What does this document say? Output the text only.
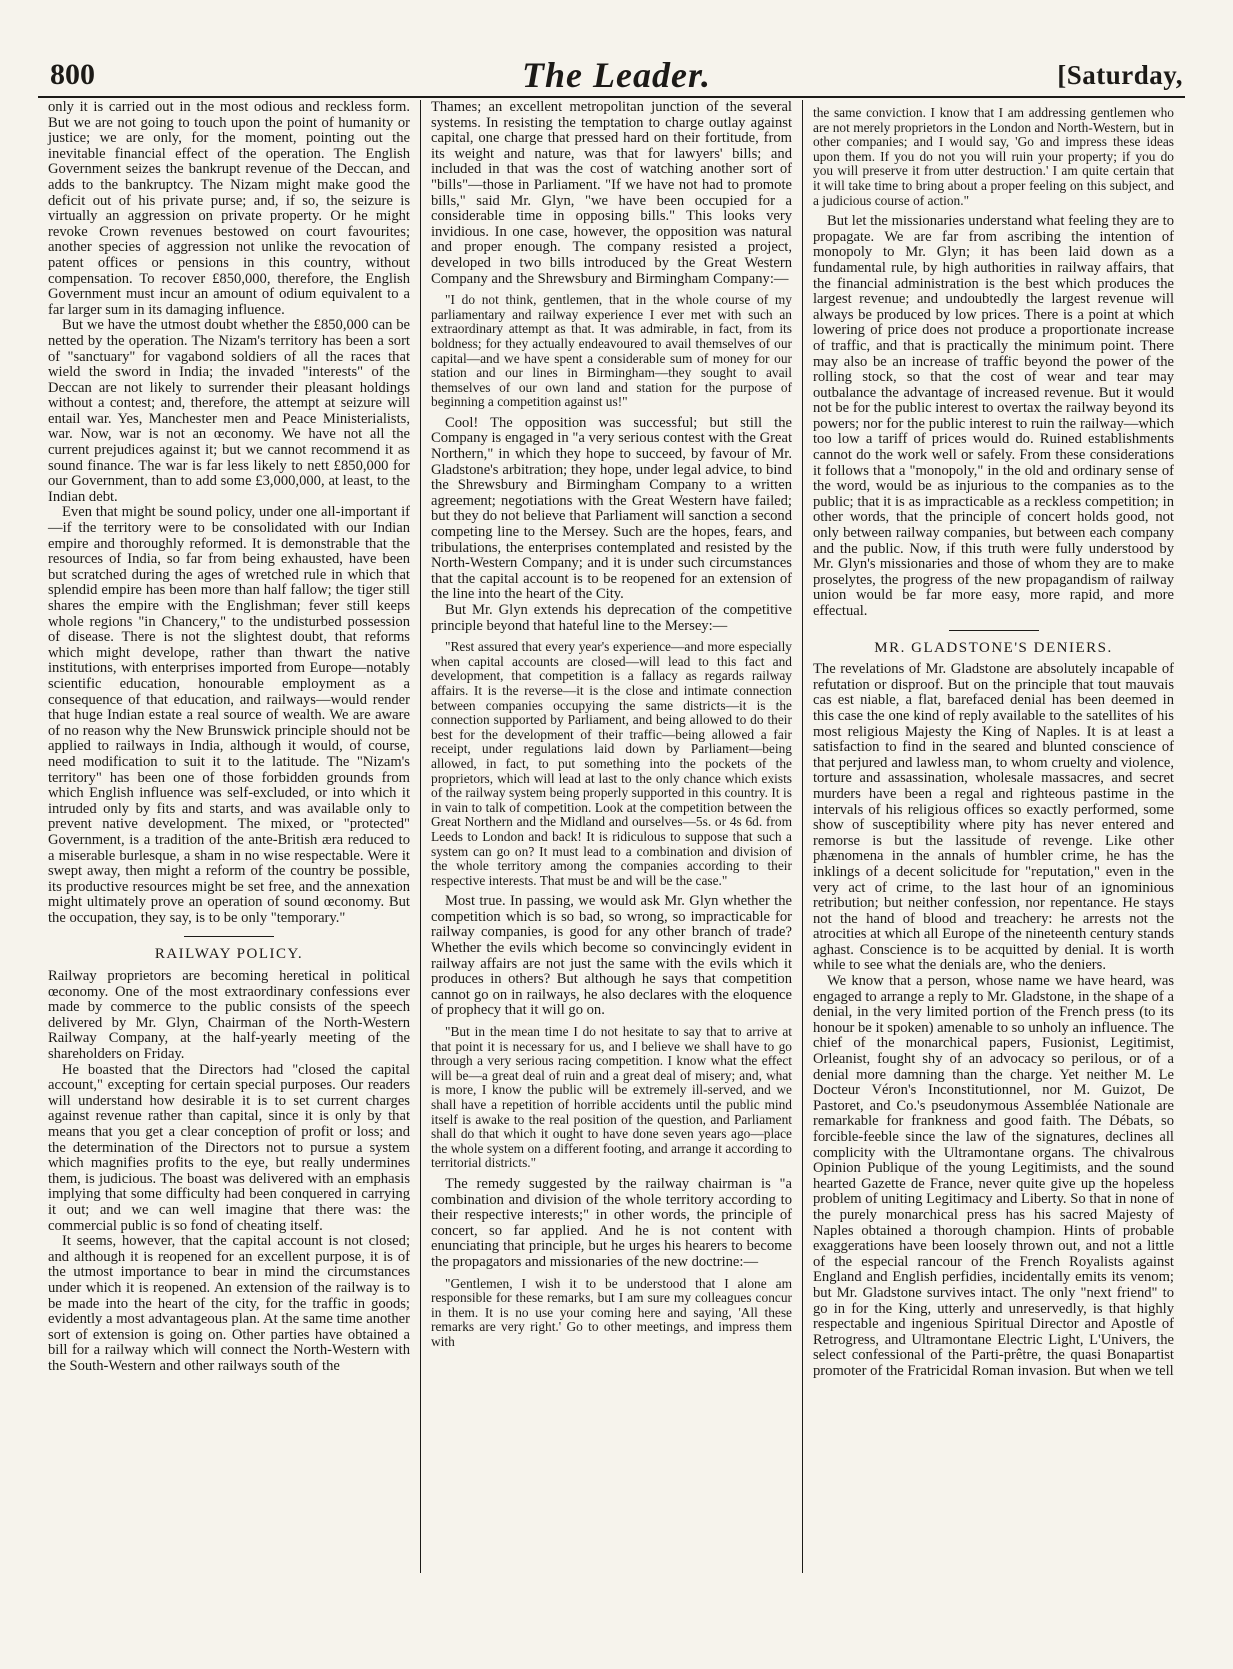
800	The Leader.	[Saturday,

only it is carried out in the most odious and reckless form. But we are not going to touch upon the point of humanity or justice; we are only, for the moment, pointing out the inevitable financial effect of the operation. The English Government seizes the bankrupt revenue of the Deccan, and adds to the bankruptcy. The Nizam might make good the deficit out of his private purse; and, if so, the seizure is virtually an aggression on private property. Or he might revoke Crown revenues bestowed on court favourites; another species of aggression not unlike the revocation of patent offices or pensions in this country, without compensation. To recover £850,000, therefore, the English Government must incur an amount of odium equivalent to a far larger sum in its damaging influence.

But we have the utmost doubt whether the £850,000 can be netted by the operation. The Nizam's territory has been a sort of "sanctuary" for vagabond soldiers of all the races that wield the sword in India; the invaded "interests" of the Deccan are not likely to surrender their pleasant holdings without a contest; and, therefore, the attempt at seizure will entail war. Yes, Manchester men and Peace Ministerialists, war. Now, war is not an œconomy. We have not all the current prejudices against it; but we cannot recommend it as sound finance. The war is far less likely to nett £850,000 for our Government, than to add some £3,000,000, at least, to the Indian debt.

Even that might be sound policy, under one all-important if—if the territory were to be consolidated with our Indian empire and thoroughly reformed. It is demonstrable that the resources of India, so far from being exhausted, have been but scratched during the ages of wretched rule in which that splendid empire has been more than half fallow; the tiger still shares the empire with the Englishman; fever still keeps whole regions "in Chancery," to the undisturbed possession of disease. There is not the slightest doubt, that reforms which might develope, rather than thwart the native institutions, with enterprises imported from Europe—notably scientific education, honourable employment as a consequence of that education, and railways—would render that huge Indian estate a real source of wealth. We are aware of no reason why the New Brunswick principle should not be applied to railways in India, although it would, of course, need modification to suit it to the latitude. The "Nizam's territory" has been one of those forbidden grounds from which English influence was self-excluded, or into which it intruded only by fits and starts, and was available only to prevent native development. The mixed, or "protected" Government, is a tradition of the ante-British æra reduced to a miserable burlesque, a sham in no wise respectable. Were it swept away, then might a reform of the country be possible, its productive resources might be set free, and the annexation might ultimately prove an operation of sound œconomy. But the occupation, they say, is to be only "temporary."

RAILWAY POLICY.

Railway proprietors are becoming heretical in political œconomy. One of the most extraordinary confessions ever made by commerce to the public consists of the speech delivered by Mr. Glyn, Chairman of the North-Western Railway Company, at the half-yearly meeting of the shareholders on Friday.

He boasted that the Directors had "closed the capital account," excepting for certain special purposes. Our readers will understand how desirable it is to set current charges against revenue rather than capital, since it is only by that means that you get a clear conception of profit or loss; and the determination of the Directors not to pursue a system which magnifies profits to the eye, but really undermines them, is judicious. The boast was delivered with an emphasis implying that some difficulty had been conquered in carrying it out; and we can well imagine that there was: the commercial public is so fond of cheating itself.

It seems, however, that the capital account is not closed; and although it is reopened for an excellent purpose, it is of the utmost importance to bear in mind the circumstances under which it is reopened. An extension of the railway is to be made into the heart of the city, for the traffic in goods; evidently a most advantageous plan. At the same time another sort of extension is going on. Other parties have obtained a bill for a railway which will connect the North-Western with the South-Western and other railways south of the

Thames; an excellent metropolitan junction of the several systems. In resisting the temptation to charge outlay against capital, one charge that pressed hard on their fortitude, from its weight and nature, was that for lawyers' bills; and included in that was the cost of watching another sort of "bills"—those in Parliament. "If we have not had to promote bills," said Mr. Glyn, "we have been occupied for a considerable time in opposing bills." This looks very invidious. In one case, however, the opposition was natural and proper enough. The company resisted a project, developed in two bills introduced by the Great Western Company and the Shrewsbury and Birmingham Company:—

"I do not think, gentlemen, that in the whole course of my parliamentary and railway experience I ever met with such an extraordinary attempt as that. It was admirable, in fact, from its boldness; for they actually endeavoured to avail themselves of our capital—and we have spent a considerable sum of money for our station and our lines in Birmingham—they sought to avail themselves of our own land and station for the purpose of beginning a competition against us!"

Cool! The opposition was successful; but still the Company is engaged in "a very serious contest with the Great Northern," in which they hope to succeed, by favour of Mr. Gladstone's arbitration; they hope, under legal advice, to bind the Shrewsbury and Birmingham Company to a written agreement; negotiations with the Great Western have failed; but they do not believe that Parliament will sanction a second competing line to the Mersey. Such are the hopes, fears, and tribulations, the enterprises contemplated and resisted by the North-Western Company; and it is under such circumstances that the capital account is to be reopened for an extension of the line into the heart of the City.

But Mr. Glyn extends his deprecation of the competitive principle beyond that hateful line to the Mersey:—

"Rest assured that every year's experience—and more especially when capital accounts are closed—will lead to this fact and development, that competition is a fallacy as regards railway affairs. It is the reverse—it is the close and intimate connection between companies occupying the same districts—it is the connection supported by Parliament, and being allowed to do their best for the development of their traffic—being allowed a fair receipt, under regulations laid down by Parliament—being allowed, in fact, to put something into the pockets of the proprietors, which will lead at last to the only chance which exists of the railway system being properly supported in this country. It is in vain to talk of competition. Look at the competition between the Great Northern and the Midland and ourselves—5s. or 4s 6d. from Leeds to London and back! It is ridiculous to suppose that such a system can go on? It must lead to a combination and division of the whole territory among the companies according to their respective interests. That must be and will be the case."

Most true. In passing, we would ask Mr. Glyn whether the competition which is so bad, so wrong, so impracticable for railway companies, is good for any other branch of trade? Whether the evils which become so convincingly evident in railway affairs are not just the same with the evils which it produces in others? But although he says that competition cannot go on in railways, he also declares with the eloquence of prophecy that it will go on.

"But in the mean time I do not hesitate to say that to arrive at that point it is necessary for us, and I believe we shall have to go through a very serious racing competition. I know what the effect will be—a great deal of ruin and a great deal of misery; and, what is more, I know the public will be extremely ill-served, and we shall have a repetition of horrible accidents until the public mind itself is awake to the real position of the question, and Parliament shall do that which it ought to have done seven years ago—place the whole system on a different footing, and arrange it according to territorial districts."

The remedy suggested by the railway chairman is "a combination and division of the whole territory according to their respective interests;" in other words, the principle of concert, so far applied. And he is not content with enunciating that principle, but he urges his hearers to become the propagators and missionaries of the new doctrine:—

"Gentlemen, I wish it to be understood that I alone am responsible for these remarks, but I am sure my colleagues concur in them. It is no use your coming here and saying, 'All these remarks are very right.' Go to other meetings, and impress them with

the same conviction. I know that I am addressing gentlemen who are not merely proprietors in the London and North-Western, but in other companies; and I would say, 'Go and impress these ideas upon them. If you do not you will ruin your property; if you do you will preserve it from utter destruction.' I am quite certain that it will take time to bring about a proper feeling on this subject, and a judicious course of action."

But let the missionaries understand what feeling they are to propagate. We are far from ascribing the intention of monopoly to Mr. Glyn; it has been laid down as a fundamental rule, by high authorities in railway affairs, that the financial administration is the best which produces the largest revenue; and undoubtedly the largest revenue will always be produced by low prices. There is a point at which lowering of price does not produce a proportionate increase of traffic, and that is practically the minimum point. There may also be an increase of traffic beyond the power of the rolling stock, so that the cost of wear and tear may outbalance the advantage of increased revenue. But it would not be for the public interest to overtax the railway beyond its powers; nor for the public interest to ruin the railway—which too low a tariff of prices would do. Ruined establishments cannot do the work well or safely. From these considerations it follows that a "monopoly," in the old and ordinary sense of the word, would be as injurious to the companies as to the public; that it is as impracticable as a reckless competition; in other words, that the principle of concert holds good, not only between railway companies, but between each company and the public. Now, if this truth were fully understood by Mr. Glyn's missionaries and those of whom they are to make proselytes, the progress of the new propagandism of railway union would be far more easy, more rapid, and more effectual.

MR. GLADSTONE'S DENIERS.

The revelations of Mr. Gladstone are absolutely incapable of refutation or disproof. But on the principle that tout mauvais cas est niable, a flat, barefaced denial has been deemed in this case the one kind of reply available to the satellites of his most religious Majesty the King of Naples. It is at least a satisfaction to find in the seared and blunted conscience of that perjured and lawless man, to whom cruelty and violence, torture and assassination, wholesale massacres, and secret murders have been a regal and righteous pastime in the intervals of his religious offices so exactly performed, some show of susceptibility where pity has never entered and remorse is but the lassitude of revenge. Like other phænomena in the annals of humbler crime, he has the inklings of a decent solicitude for "reputation," even in the very act of crime, to the last hour of an ignominious retribution; but neither confession, nor repentance. He stays not the hand of blood and treachery: he arrests not the atrocities at which all Europe of the nineteenth century stands aghast. Conscience is to be acquitted by denial. It is worth while to see what the denials are, who the deniers.

We know that a person, whose name we have heard, was engaged to arrange a reply to Mr. Gladstone, in the shape of a denial, in the very limited portion of the French press (to its honour be it spoken) amenable to so unholy an influence. The chief of the monarchical papers, Fusionist, Legitimist, Orleanist, fought shy of an advocacy so perilous, or of a denial more damning than the charge. Yet neither M. Le Docteur Véron's Inconstitutionnel, nor M. Guizot, De Pastoret, and Co.'s pseudonymous Assemblée Nationale are remarkable for frankness and good faith. The Débats, so forcible-feeble since the law of the signatures, declines all complicity with the Ultramontane organs. The chivalrous Opinion Publique of the young Legitimists, and the sound hearted Gazette de France, never quite give up the hopeless problem of uniting Legitimacy and Liberty. So that in none of the purely monarchical press has his sacred Majesty of Naples obtained a thorough champion. Hints of probable exaggerations have been loosely thrown out, and not a little of the especial rancour of the French Royalists against England and English perfidies, incidentally emits its venom; but Mr. Gladstone survives intact. The only "next friend" to go in for the King, utterly and unreservedly, is that highly respectable and ingenious Spiritual Director and Apostle of Retrogress, and Ultramontane Electric Light, L'Univers, the select confessional of the Parti-prêtre, the quasi Bonapartist promoter of the Fratricidal Roman invasion. But when we tell
